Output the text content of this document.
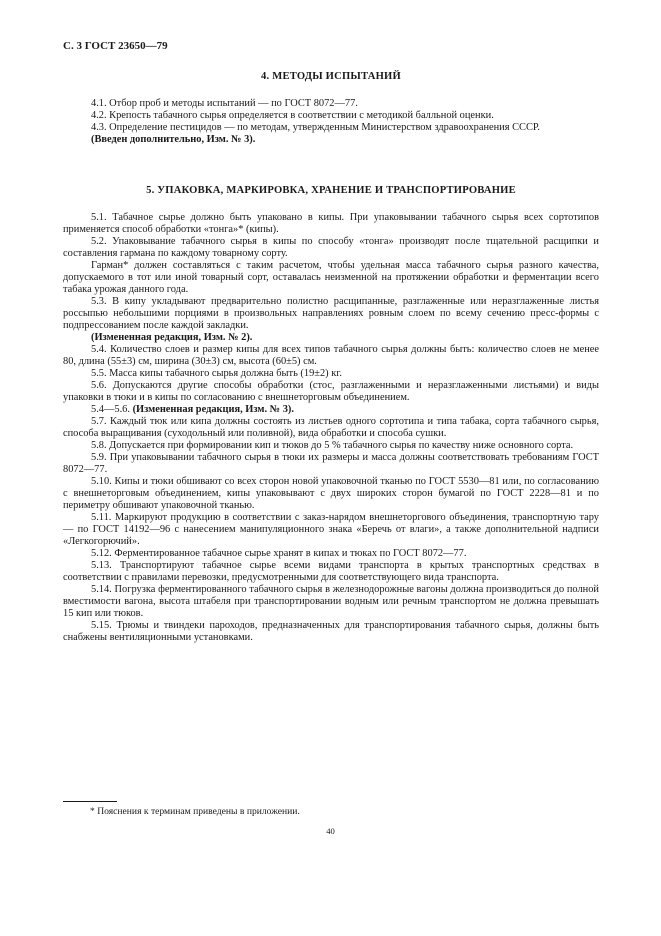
С. 3 ГОСТ 23650—79
4. МЕТОДЫ ИСПЫТАНИЙ

4.1. Отбор проб и методы испытаний — по ГОСТ 8072—77.

4.2. Крепость табачного сырья определяется в соответствии с методикой балльной оценки.

4.3. Определение пестицидов — по методам, утвержденным Министерством здравоохранения СССР.

(Введен дополнительно, Изм. № 3).

5. УПАКОВКА, МАРКИРОВКА, ХРАНЕНИЕ И ТРАНСПОРТИРОВАНИЕ

5.1. Табачное сырье должно быть упаковано в кипы. При упаковывании табачного сырья всех сортотипов применяется способ обработки «тонга»* (кипы).

5.2. Упаковывание табачного сырья в кипы по способу «тонга» производят после тщательной расщипки и составления гармана по каждому товарному сорту.

Гарман* должен составляться с таким расчетом, чтобы удельная масса табачного сырья разного качества, допускаемого в тот или иной товарный сорт, оставалась неизменной на протяжении обработки и ферментации всего табака урожая данного года.

5.3. В кипу укладывают предварительно полистно расщипанные, разглаженные или неразглаженные листья россыпью небольшими порциями в произвольных направлениях ровным слоем по всему сечению пресс-формы с подпрессованием после каждой закладки.

(Измененная редакция, Изм. № 2).

5.4. Количество слоев и размер кипы для всех типов табачного сырья должны быть: количество слоев не менее 80, длина (55±3) см, ширина (30±3) см, высота (60±5) см.

5.5. Масса кипы табачного сырья должна быть (19±2) кг.

5.6. Допускаются другие способы обработки (стос, разглаженными и неразглаженными листьями) и виды упаковки в тюки и в кипы по согласованию с внешнеторговым объединением.

5.4—5.6. (Измененная редакция, Изм. № 3).

5.7. Каждый тюк или кипа должны состоять из листьев одного сортотипа и типа табака, сорта табачного сырья, способа выращивания (суходольный или поливной), вида обработки и способа сушки.

5.8. Допускается при формировании кип и тюков до 5 % табачного сырья по качеству ниже основного сорта.

5.9. При упаковывании табачного сырья в тюки их размеры и масса должны соответствовать требованиям ГОСТ 8072—77.

5.10. Кипы и тюки обшивают со всех сторон новой упаковочной тканью по ГОСТ 5530—81 или, по согласованию с внешнеторговым объединением, кипы упаковывают с двух широких сторон бумагой по ГОСТ 2228—81 и по периметру обшивают упаковочной тканью.

5.11. Маркируют продукцию в соответствии с заказ-нарядом внешнеторгового объединения, транспортную тару — по ГОСТ 14192—96 с нанесением манипуляционного знака «Беречь от влаги», а также дополнительной надписи «Легкогорючий».

5.12. Ферментированное табачное сырье хранят в кипах и тюках по ГОСТ 8072—77.

5.13. Транспортируют табачное сырье всеми видами транспорта в крытых транспортных средствах в соответствии с правилами перевозки, предусмотренными для соответствующего вида транспорта.

5.14. Погрузка ферментированного табачного сырья в железнодорожные вагоны должна производиться до полной вместимости вагона, высота штабеля при транспортировании водным или речным транспортом не должна превышать 15 кип или тюков.

5.15. Трюмы и твиндеки пароходов, предназначенных для транспортирования табачного сырья, должны быть снабжены вентиляционными установками.

* Пояснения к терминам приведены в приложении.
40
